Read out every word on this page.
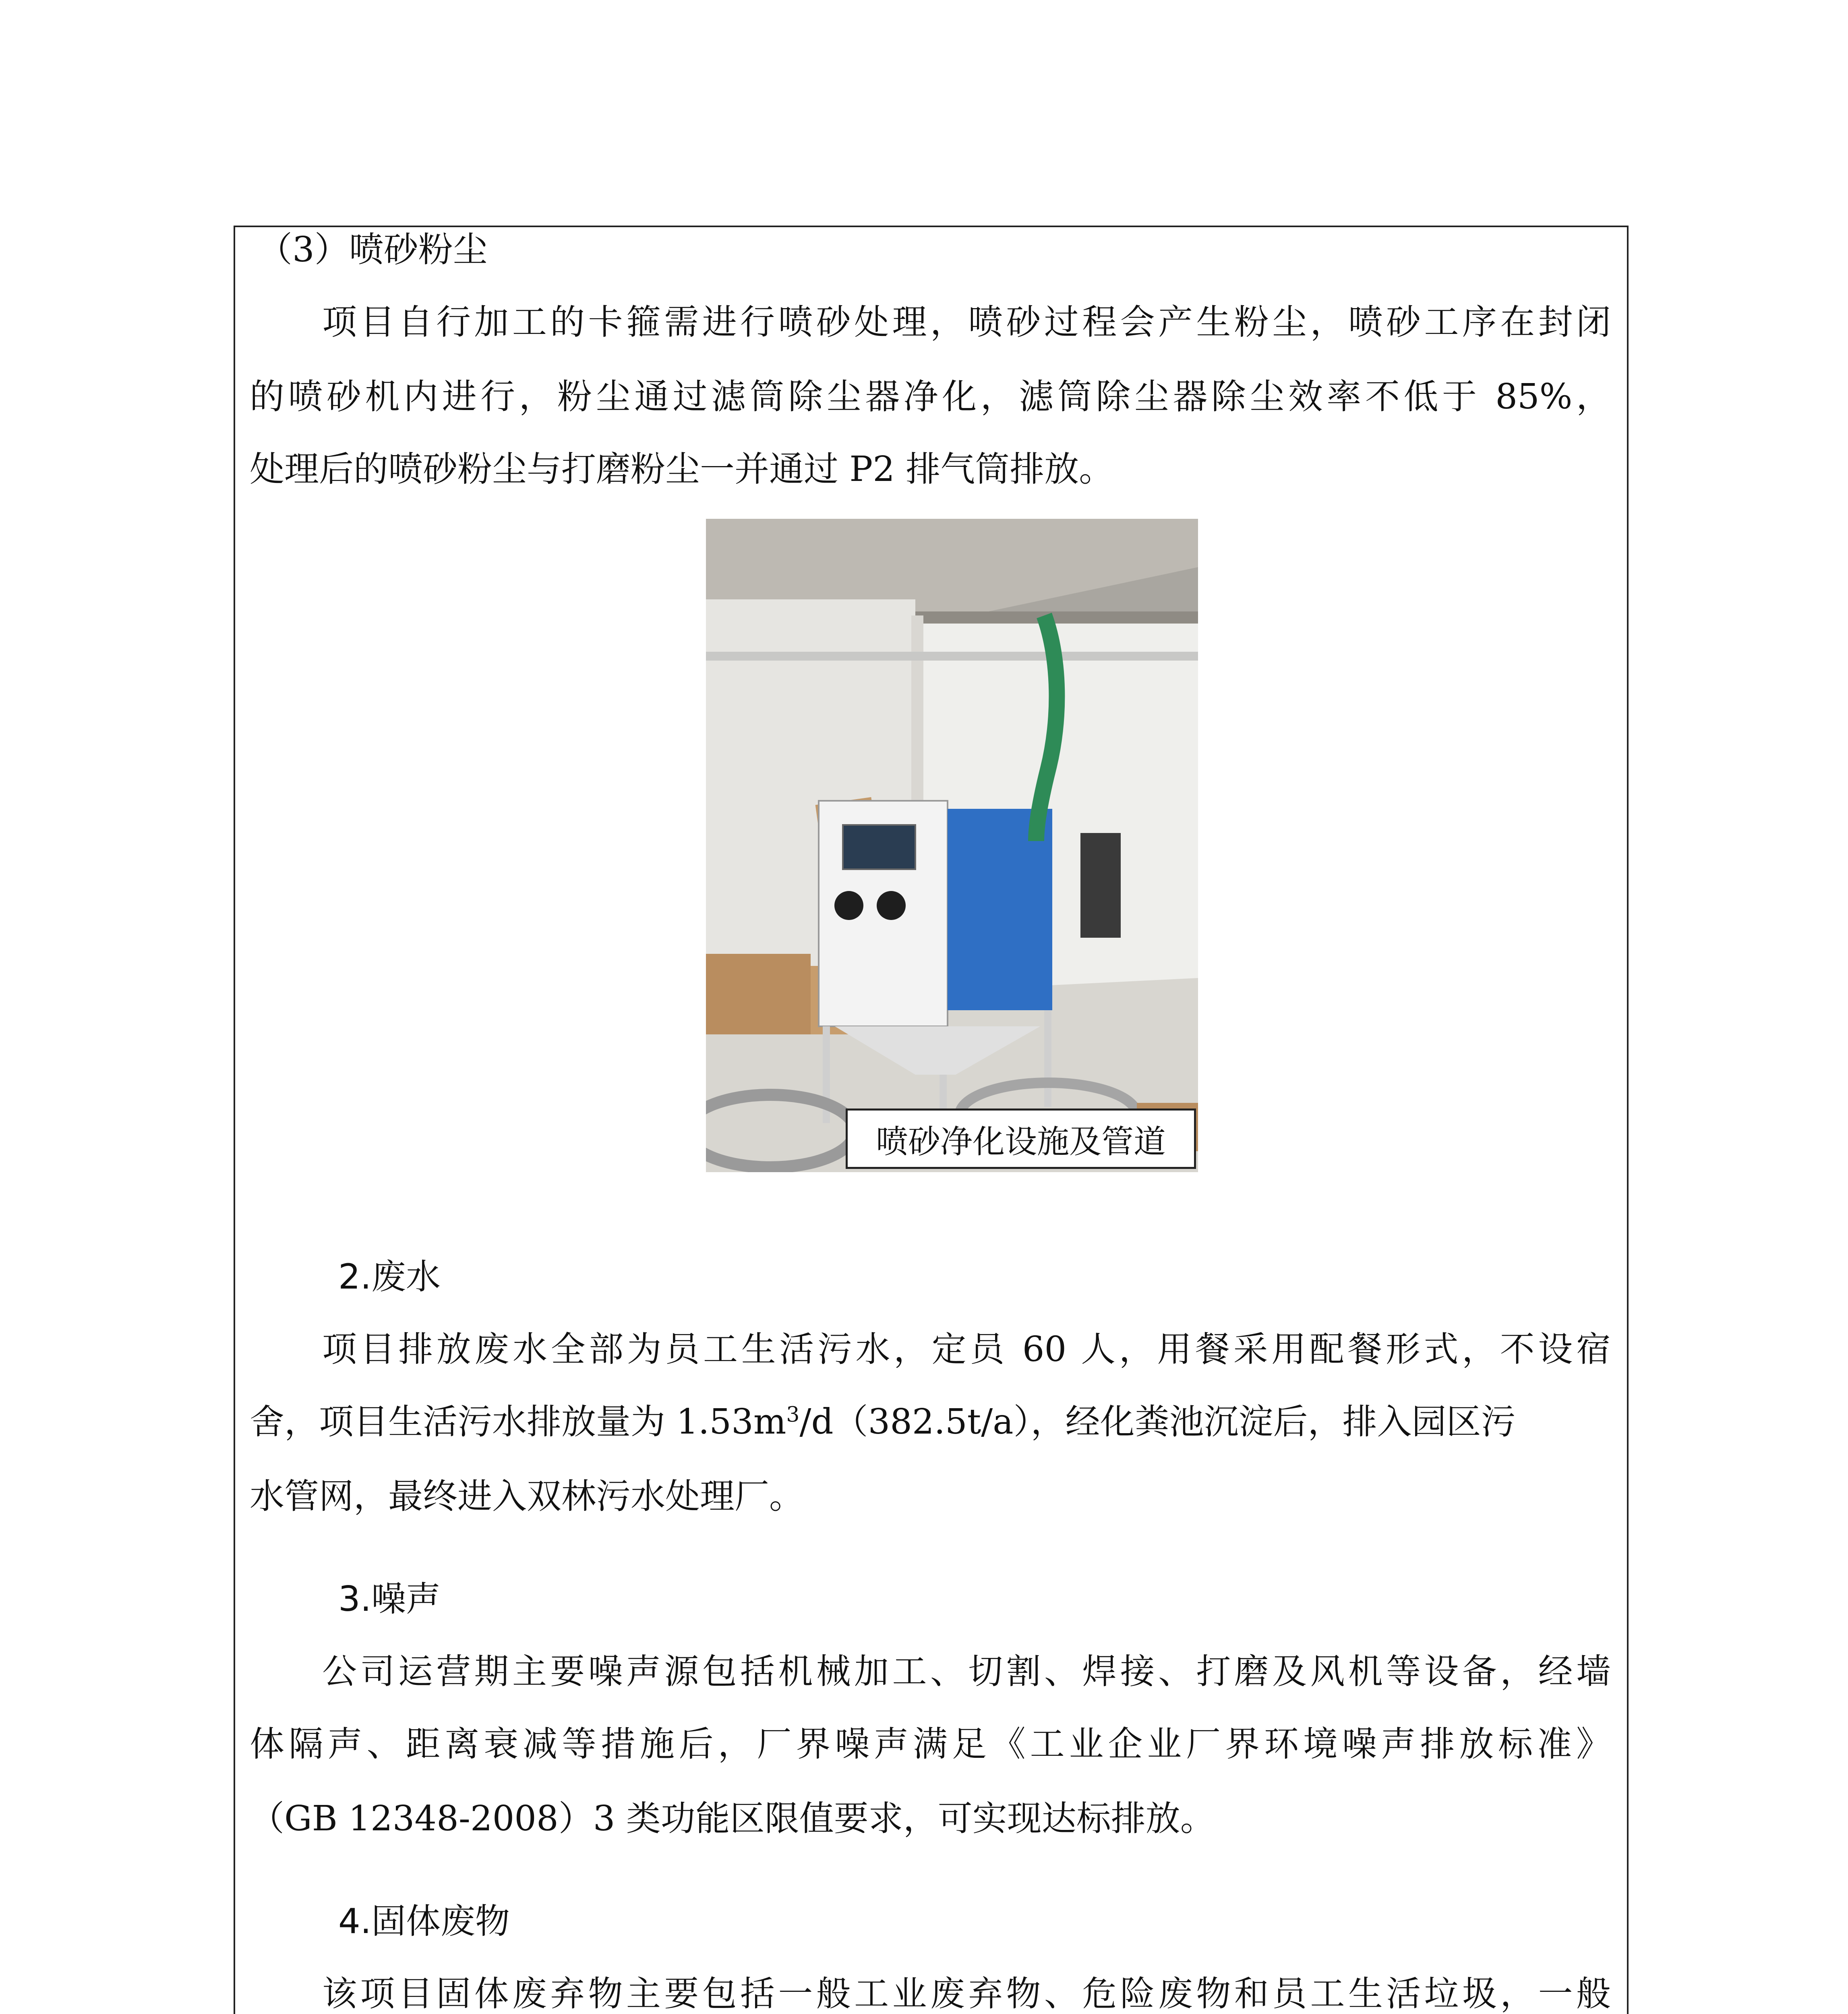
（3）喷砂粉尘
项目自行加工的卡箍需进行喷砂处理，喷砂过程会产生粉尘，喷砂工序在封闭
的喷砂机内进行，粉尘通过滤筒除尘器净化，滤筒除尘器除尘效率不低于 85%，
处理后的喷砂粉尘与打磨粉尘一并通过 P2 排气筒排放。
喷砂净化设施及管道
2.废水
项目排放废水全部为员工生活污水，定员 60 人，用餐采用配餐形式，不设宿
舍，项目生活污水排放量为 $1.53m^3/d(382.5t/a)$，经化粪池沉淀后，排入园区污
水管网，最终进入双林污水处理厂。
3.噪声
公司运营期主要噪声源包括机械加工、切割、焊接、打磨及风机等设备，经墙
体隔声、距离衰减等措施后，厂界噪声满足《工业企业厂界环境噪声排放标准》
（GB 12348-2008）3 类功能区限值要求，可实现达标排放。
4.固体废物
该项目固体废弃物主要包括一般工业废弃物、危险废物和员工生活垃圾，一般
